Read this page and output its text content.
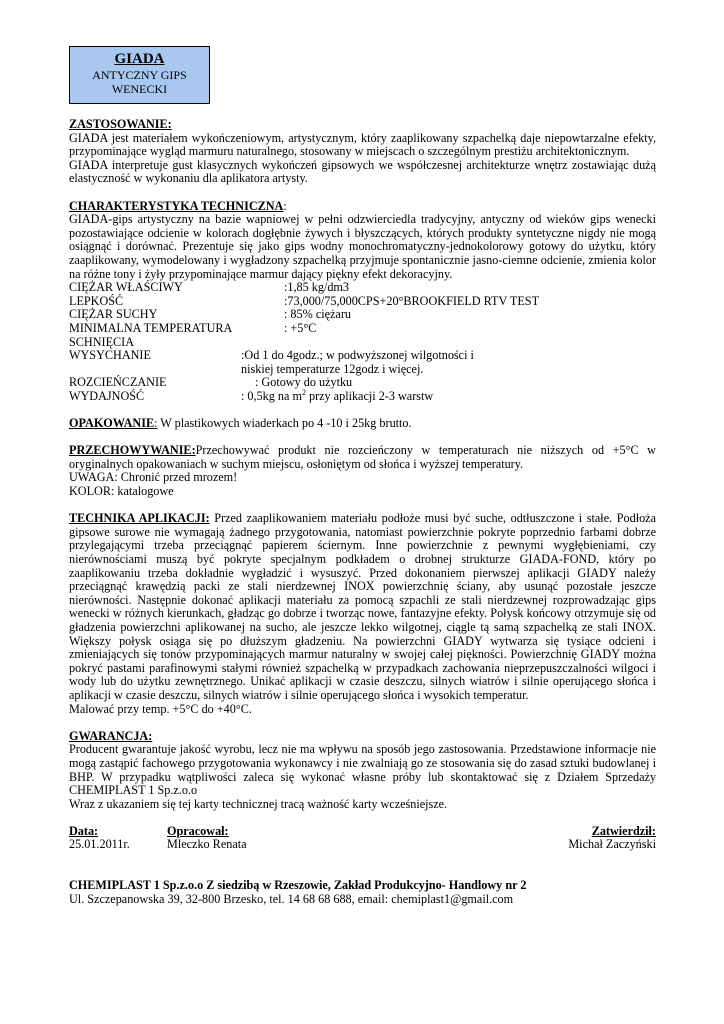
GIADA
ANTYCZNY GIPS
WENECKI

ZASTOSOWANIE:

GIADA jest materiałem wykończeniowym, artystycznym, który zaaplikowany szpachelką daje niepowtarzalne efekty, przypominające wygląd marmuru naturalnego, stosowany w miejscach o szczególnym prestiżu architektonicznym.

GIADA interpretuje gust klasycznych wykończeń gipsowych we współczesnej architekturze wnętrz zostawiając dużą elastyczność w wykonaniu dla aplikatora artysty.

CHARAKTERYSTYKA TECHNICZNA:

GIADA-gips artystyczny na bazie wapniowej w pełni odzwierciedla tradycyjny, antyczny od wieków gips wenecki pozostawiające odcienie w kolorach dogłębnie żywych i błyszczących, których produkty syntetyczne nigdy nie mogą osiągnąć i dorównać. Prezentuje się jako gips wodny monochromatyczny-jednokolorowy gotowy do użytku, który zaaplikowany, wymodelowany i wygładzony szpachelką przyjmuje spontanicznie jasno-ciemne odcienie, zmienia kolor na różne tony i żyły przypominające marmur dający piękny efekt dekoracyjny.

CIĘŻAR WŁAŚCIWY	:1,85 kg/dm3
LEPKOŚĆ	:73,000/75,000CPS+20°BROOKFIELD RTV TEST
CIĘŻAR SUCHY	: 85% ciężaru
MINIMALNA TEMPERATURA	: +5°C

SCHNIĘCIA

WYSYCHANIE	:Od 1 do 4godz.; w podwyższonej wilgotności i

niskiej temperaturze 12godz i więcej.

ROZCIEŃCZANIE	: Gotowy do użytku
WYDAJNOŚĆ	: 0,5kg na $m^2$ przy aplikacji 2-3 warstw

OPAKOWANIE: W plastikowych wiaderkach po 4 -10 i 25kg brutto.

PRZECHOWYWANIE:Przechowywać produkt nie rozcieńczony w temperaturach nie niższych od +5°C w oryginalnych opakowaniach w suchym miejscu, osłoniętym od słońca i wyższej temperatury.

UWAGA: Chronić przed mrozem!

KOLOR: katalogowe

TECHNIKA APLIKACJI: Przed zaaplikowaniem materiału podłoże musi być suche, odtłuszczone i stałe. Podłoża gipsowe surowe nie wymagają żadnego przygotowania, natomiast powierzchnie pokryte poprzednio farbami dobrze przylegającymi trzeba przeciągnąć papierem ściernym. Inne powierzchnie z pewnymi wygłębieniami, czy nierównościami muszą być pokryte specjalnym podkładem o drobnej strukturze GIADA-FOND, który po zaaplikowaniu trzeba dokładnie wygładzić i wysuszyć. Przed dokonaniem pierwszej aplikacji GIADY należy przeciągnąć krawędzią packi ze stali nierdzewnej INOX powierzchnię ściany, aby usunąć pozostałe jeszcze nierówności. Następnie dokonać aplikacji materiału za pomocą szpachli ze stali nierdzewnej rozprowadzając gips wenecki w różnych kierunkach, gładząc go dobrze i tworząc nowe, fantazyjne efekty. Połysk końcowy otrzymuje się od gładzenia powierzchni aplikowanej na sucho, ale jeszcze lekko wilgotnej, ciągle tą samą szpachelką ze stali INOX. Większy połysk osiąga się po dłuższym gładzeniu. Na powierzchni GIADY wytwarza się tysiące odcieni i zmieniających się tonów przypominających marmur naturalny w swojej całej piękności. Powierzchnię GIADY można pokryć pastami parafinowymi stałymi również szpachelką w przypadkach zachowania nieprzepuszczalności wilgoci i wody lub do użytku zewnętrznego. Unikać aplikacji w czasie deszczu, silnych wiatrów i silnie operującego słońca i aplikacji w czasie deszczu, silnych wiatrów i silnie operującego słońca i wysokich temperatur.

Malować przy temp. +5°C do +40°C.

GWARANCJA:

Producent gwarantuje jakość wyrobu, lecz nie ma wpływu na sposób jego zastosowania. Przedstawione informacje nie mogą zastąpić fachowego przygotowania wykonawcy i nie zwalniają go ze stosowania się do zasad sztuki budowlanej i BHP. W przypadku wątpliwości zaleca się wykonać własne próby lub skontaktować się z Działem Sprzedaży CHEMIPLAST 1 Sp.z.o.o

Wraz z ukazaniem się tej karty technicznej tracą ważność karty wcześniejsze.

Data:

25.01.2011r.

Opracował:

Mleczko Renata

Zatwierdził:

Michał Zaczyński

CHEMIPLAST 1 Sp.z.o.o Z siedzibą w Rzeszowie, Zakład Produkcyjno- Handlowy nr 2

Ul. Szczepanowska 39, 32-800 Brzesko, tel. 14 68 68 688, email: chemiplast1@gmail.com
